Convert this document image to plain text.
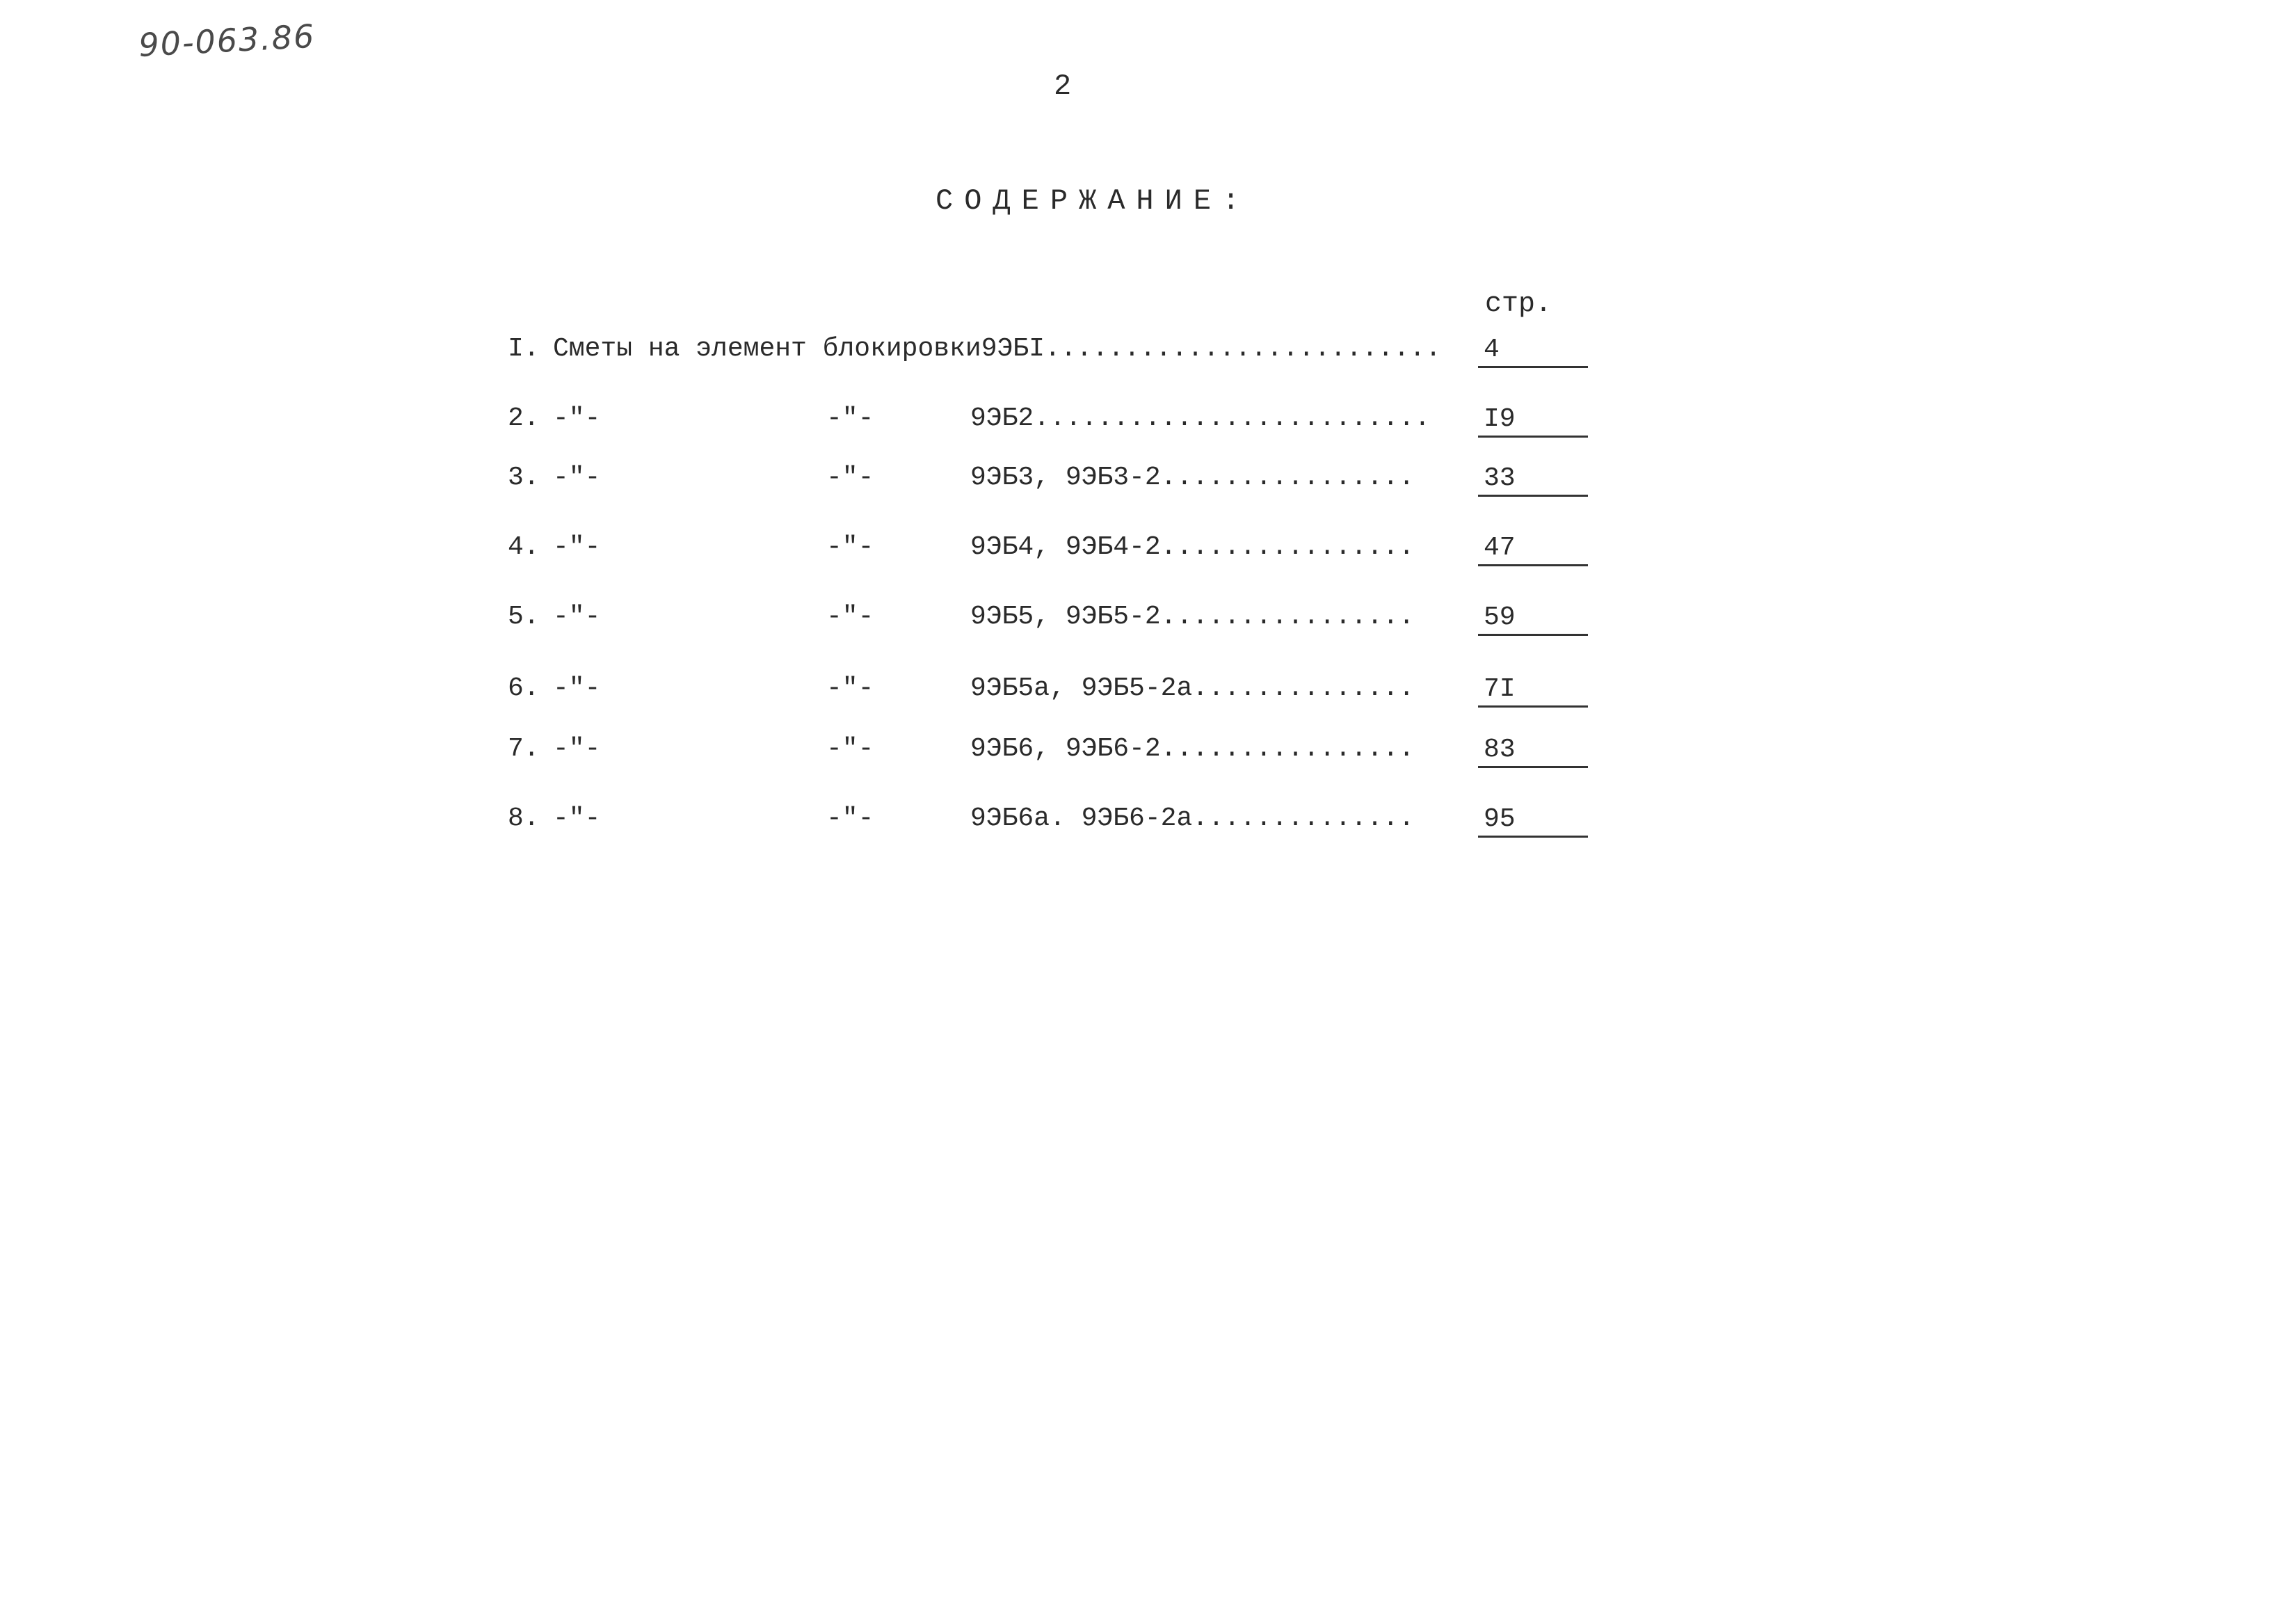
90-063.86
2
СОДЕРЖАНИЕ:
стр.
I. Сметы на элемент блокировки9ЭБI......................... 4
2. -"-	-"-	9ЭБ2......................... I9
3. -"-	-"-	9ЭБ3, 9ЭБ3-2................	33
4. -"-	-"-	9ЭБ4, 9ЭБ4-2................	47
5. -"-	-"-	9ЭБ5, 9ЭБ5-2................	59
6. -"-	-"-	9ЭБ5а, 9ЭБ5-2а..............	7I
7. -"-	-"-	9ЭБ6, 9ЭБ6-2................	83
8. -"-	-"-	9ЭБ6а. 9ЭБ6-2а..............	95
